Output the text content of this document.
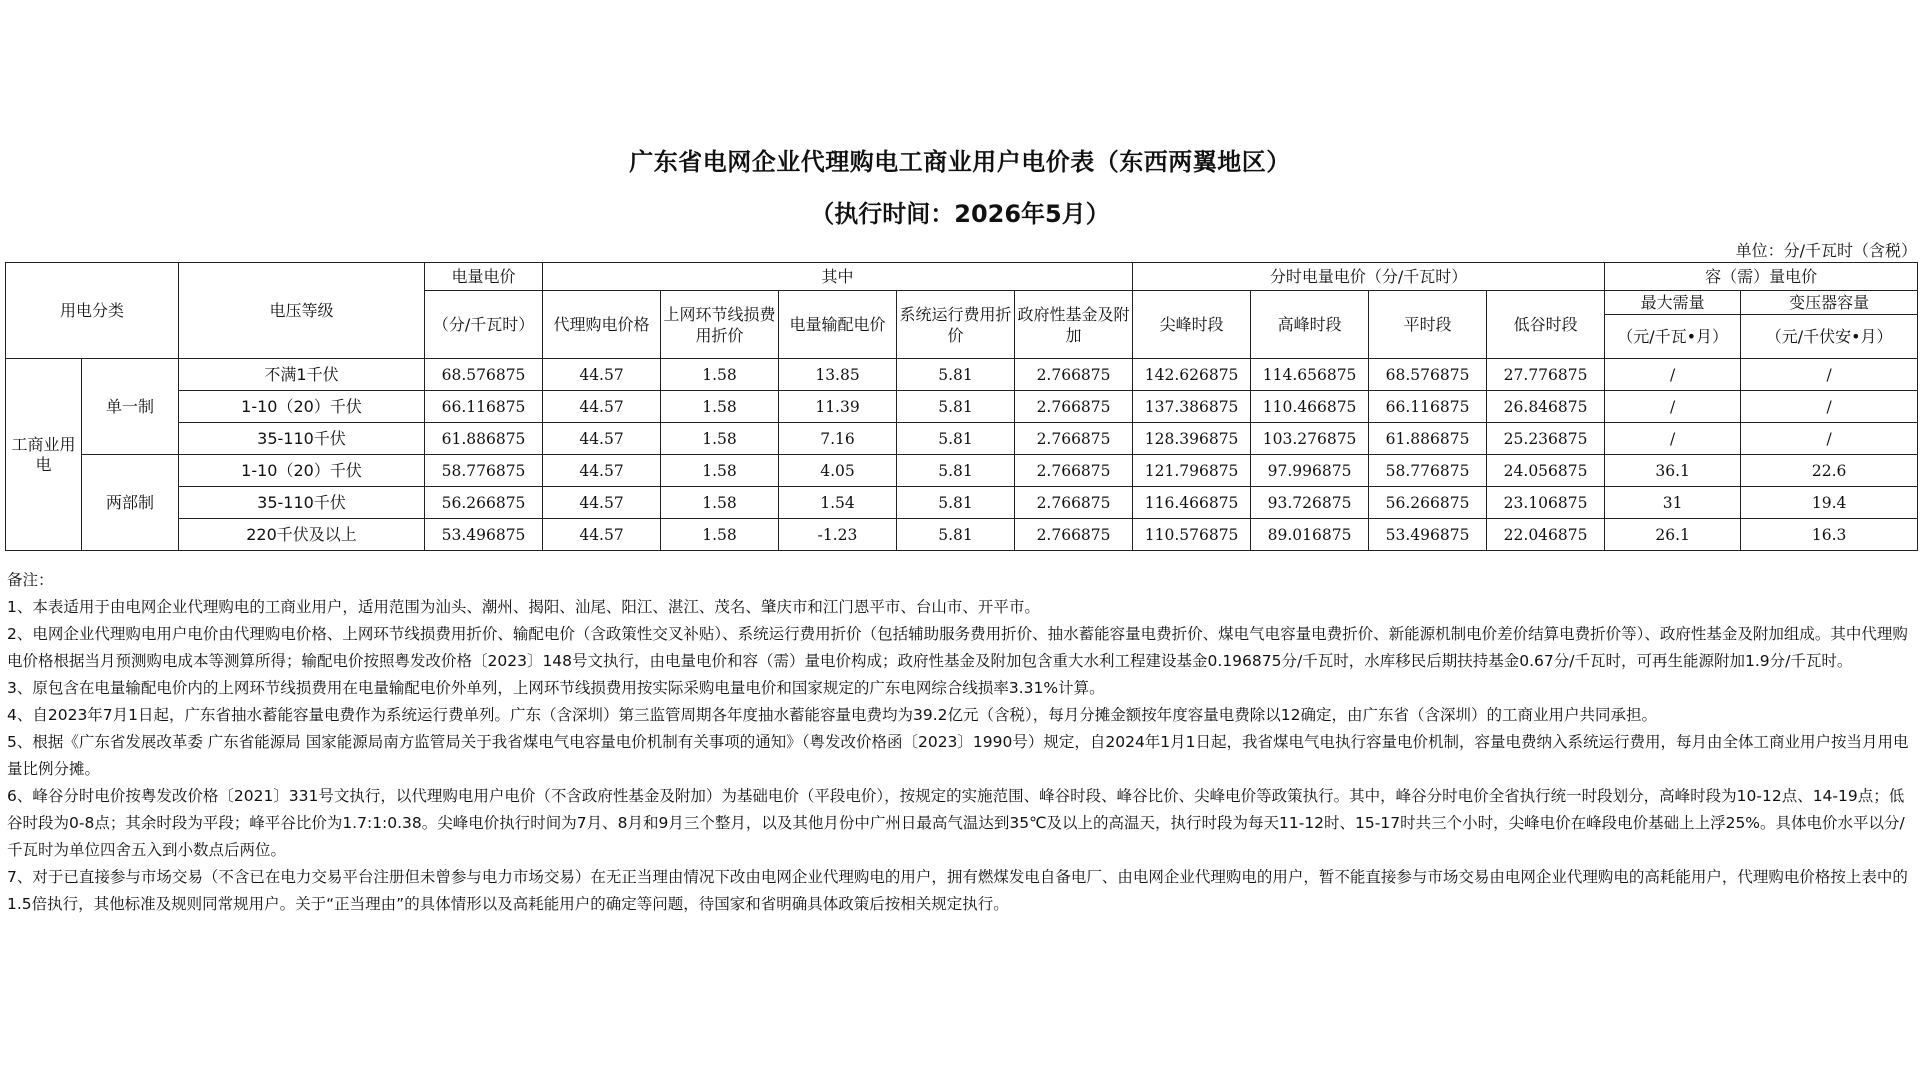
广东省电网企业代理购电工商业用户电价表（东西两翼地区）
（执行时间：2026年5月）
单位：分/千瓦时（含税）
用电分类		电压等级	电量电价	其中					分时电量电价（分/千瓦时）				容（需）量电价	
			（分/千瓦时）	代理购电价格	上网环节线损费用折价	电量输配电价	系统运行费用折价	政府性基金及附加	尖峰时段	高峰时段	平时段	低谷时段	最大需量	变压器容量
													（元/千瓦•月）	（元/千伏安•月）
工商业用电	单一制	不满1千伏	68.576875	44.57	1.58	13.85	5.81	2.766875	142.626875	114.656875	68.576875	27.776875	/	/
		1-10（20）千伏	66.116875	44.57	1.58	11.39	5.81	2.766875	137.386875	110.466875	66.116875	26.846875	/	/
		35-110千伏	61.886875	44.57	1.58	7.16	5.81	2.766875	128.396875	103.276875	61.886875	25.236875	/	/
	两部制	1-10（20）千伏	58.776875	44.57	1.58	4.05	5.81	2.766875	121.796875	97.996875	58.776875	24.056875	36.1	22.6
		35-110千伏	56.266875	44.57	1.58	1.54	5.81	2.766875	116.466875	93.726875	56.266875	23.106875	31	19.4
		220千伏及以上	53.496875	44.57	1.58	-1.23	5.81	2.766875	110.576875	89.016875	53.496875	22.046875	26.1	16.3

备注：

1、本表适用于由电网企业代理购电的工商业用户，适用范围为汕头、潮州、揭阳、汕尾、阳江、湛江、茂名、肇庆市和江门恩平市、台山市、开平市。

2、电网企业代理购电用户电价由代理购电价格、上网环节线损费用折价、输配电价（含政策性交叉补贴）、系统运行费用折价（包括辅助服务费用折价、抽水蓄能容量电费折价、煤电气电容量电费折价、新能源机制电价差价结算电费折价等）、政府性基金及附加组成。其中代理购电价格根据当月预测购电成本等测算所得；输配电价按照粤发改价格〔2023〕148号文执行，由电量电价和容（需）量电价构成；政府性基金及附加包含重大水利工程建设基金0.196875分/千瓦时，水库移民后期扶持基金0.67分/千瓦时，可再生能源附加1.9分/千瓦时。

3、原包含在电量输配电价内的上网环节线损费用在电量输配电价外单列，上网环节线损费用按实际采购电量电价和国家规定的广东电网综合线损率3.31%计算。

4、自2023年7月1日起，广东省抽水蓄能容量电费作为系统运行费单列。广东（含深圳）第三监管周期各年度抽水蓄能容量电费均为39.2亿元（含税），每月分摊金额按年度容量电费除以12确定，由广东省（含深圳）的工商业用户共同承担。

5、根据《广东省发展改革委 广东省能源局 国家能源局南方监管局关于我省煤电气电容量电价机制有关事项的通知》（粤发改价格函〔2023〕1990号）规定，自2024年1月1日起，我省煤电气电执行容量电价机制，容量电费纳入系统运行费用，每月由全体工商业用户按当月用电量比例分摊。

6、峰谷分时电价按粤发改价格〔2021〕331号文执行，以代理购电用户电价（不含政府性基金及附加）为基础电价（平段电价），按规定的实施范围、峰谷时段、峰谷比价、尖峰电价等政策执行。其中，峰谷分时电价全省执行统一时段划分，高峰时段为10-12点、14-19点；低谷时段为0-8点；其余时段为平段；峰平谷比价为1.7:1:0.38。尖峰电价执行时间为7月、8月和9月三个整月，以及其他月份中广州日最高气温达到35℃及以上的高温天，执行时段为每天11-12时、15-17时共三个小时，尖峰电价在峰段电价基础上上浮25%。具体电价水平以分/千瓦时为单位四舍五入到小数点后两位。

7、对于已直接参与市场交易（不含已在电力交易平台注册但未曾参与电力市场交易）在无正当理由情况下改由电网企业代理购电的用户，拥有燃煤发电自备电厂、由电网企业代理购电的用户，暂不能直接参与市场交易由电网企业代理购电的高耗能用户，代理购电价格按上表中的1.5倍执行，其他标准及规则同常规用户。关于“正当理由”的具体情形以及高耗能用户的确定等问题，待国家和省明确具体政策后按相关规定执行。
